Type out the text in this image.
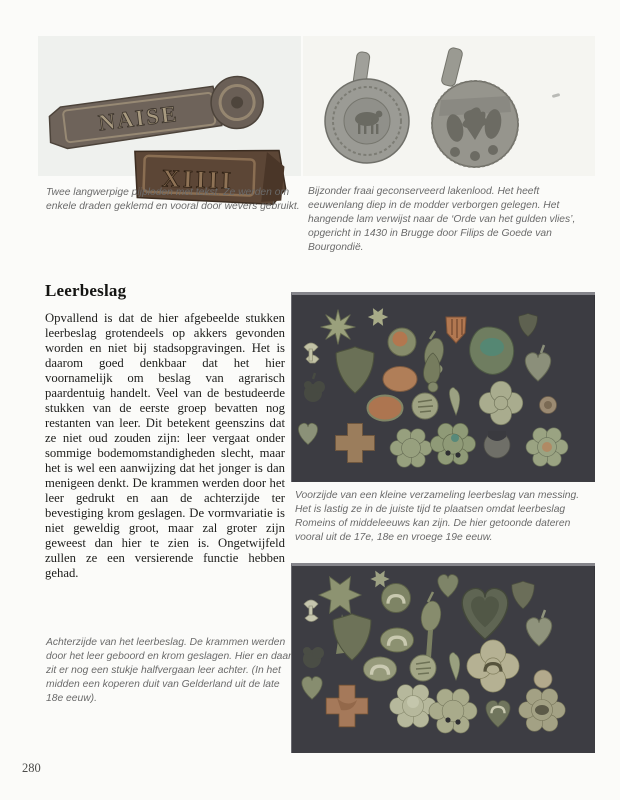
NAISE
XIIII
Twee langwerpige pijploden met tekst. Ze werden om enkele draden geklemd en vooral door wevers gebruikt.
Bijzonder fraai geconserveerd lakenlood. Het heeft eeuwenlang diep in de modder verborgen gelegen. Het hangende lam verwijst naar de ‘Orde van het gulden vlies’, opgericht in 1430 in Brugge door Filips de Goede van Bourgondië.
Leerbeslag

Opvallend is dat de hier afgebeelde stukken leerbeslag grotendeels op akkers gevonden worden en niet bij stadsopgravingen. Het is daarom goed denkbaar dat het hier voornamelijk om beslag van agrarisch paardentuig handelt. Veel van de bestudeerde stukken van de eerste groep bevatten nog restanten van leer. Dit betekent geenszins dat ze niet oud zouden zijn: leer vergaat onder sommige bodemomstandigheden slecht, maar het is wel een aanwijzing dat het jonger is dan menigeen denkt. De krammen werden door het leer gedrukt en aan de achterzijde ter bevestiging krom geslagen. De vormvariatie is niet geweldig groot, maar zal groter zijn geweest dan hier te zien is. Ongetwijfeld zullen ze een versierende functie hebben gehad.

Voorzijde van een kleine verzameling leerbeslag van messing. Het is lastig ze in de juiste tijd te plaatsen omdat leerbeslag Romeins of middeleeuws kan zijn. De hier getoonde dateren vooral uit de 17e, 18e en vroege 19e eeuw.
Achterzijde van het leerbeslag. De krammen werden door het leer geboord en krom geslagen. Hier en daar zit er nog een stukje halfvergaan leer achter. (In het midden een koperen duit van Gelderland uit de late 18e eeuw).
280
